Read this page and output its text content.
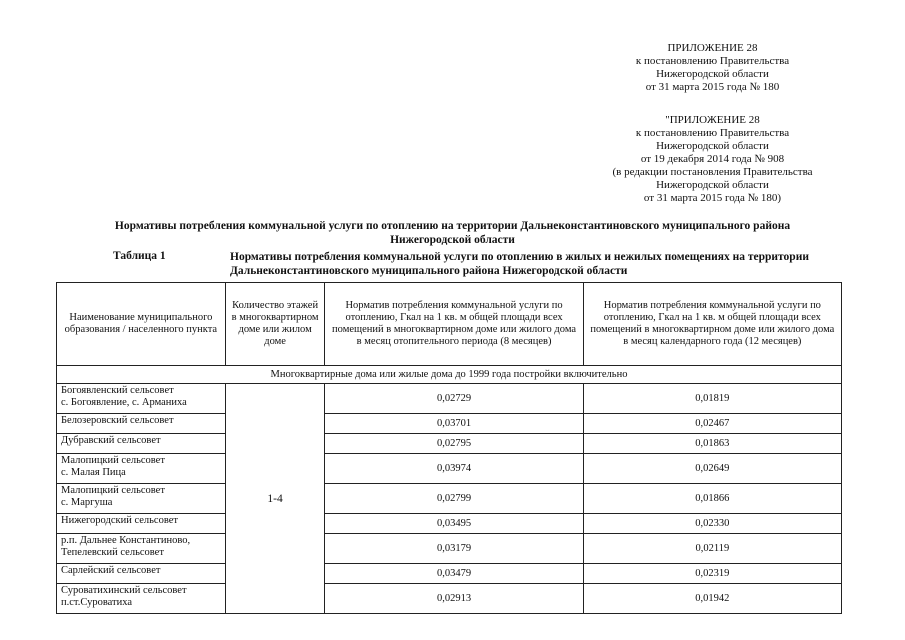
ПРИЛОЖЕНИЕ 28
к постановлению Правительства
Нижегородской области
от 31 марта 2015 года № 180
"ПРИЛОЖЕНИЕ 28
к постановлению Правительства
Нижегородской области
от 19 декабря 2014 года № 908
(в редакции постановления Правительства
Нижегородской области
от 31 марта 2015 года № 180)
Нормативы потребления коммунальной услуги по отоплению на территории Дальнеконстантиновского муниципального района Нижегородской области
Таблица 1	Нормативы потребления коммунальной услуги по отоплению в жилых и нежилых помещениях на территории Дальнеконстантиновского муниципального района Нижегородской области
Наименование муниципального образования / населенного пункта	Количество этажей в многоквартирном доме или жилом доме	Норматив потребления коммунальной услуги по отоплению, Гкал на 1 кв. м общей площади всех помещений в многоквартирном доме или жилого дома в месяц отопительного периода (8 месяцев)	Норматив потребления коммунальной услуги по отоплению, Гкал на 1 кв. м общей площади всех помещений в многоквартирном доме или жилого дома в месяц календарного года (12 месяцев)
Многоквартирные дома или жилые дома до 1999 года постройки включительно			

Богоявленский сельсовет
с. Богоявление, с. Арманиха	1-4	0,02729	0,01819

Белозеровский сельсовет		0,03701	0,02467

Дубравский сельсовет		0,02795	0,01863

Малопицкий сельсовет
с. Малая Пица		0,03974	0,02649

Малопицкий сельсовет
с. Маргуша		0,02799	0,01866

Нижегородский сельсовет		0,03495	0,02330

р.п. Дальнее Константиново,
Тепелевский сельсовет		0,03179	0,02119

Сарлейский сельсовет		0,03479	0,02319

Суроватихинский сельсовет
п.ст.Суроватиха		0,02913	0,01942
